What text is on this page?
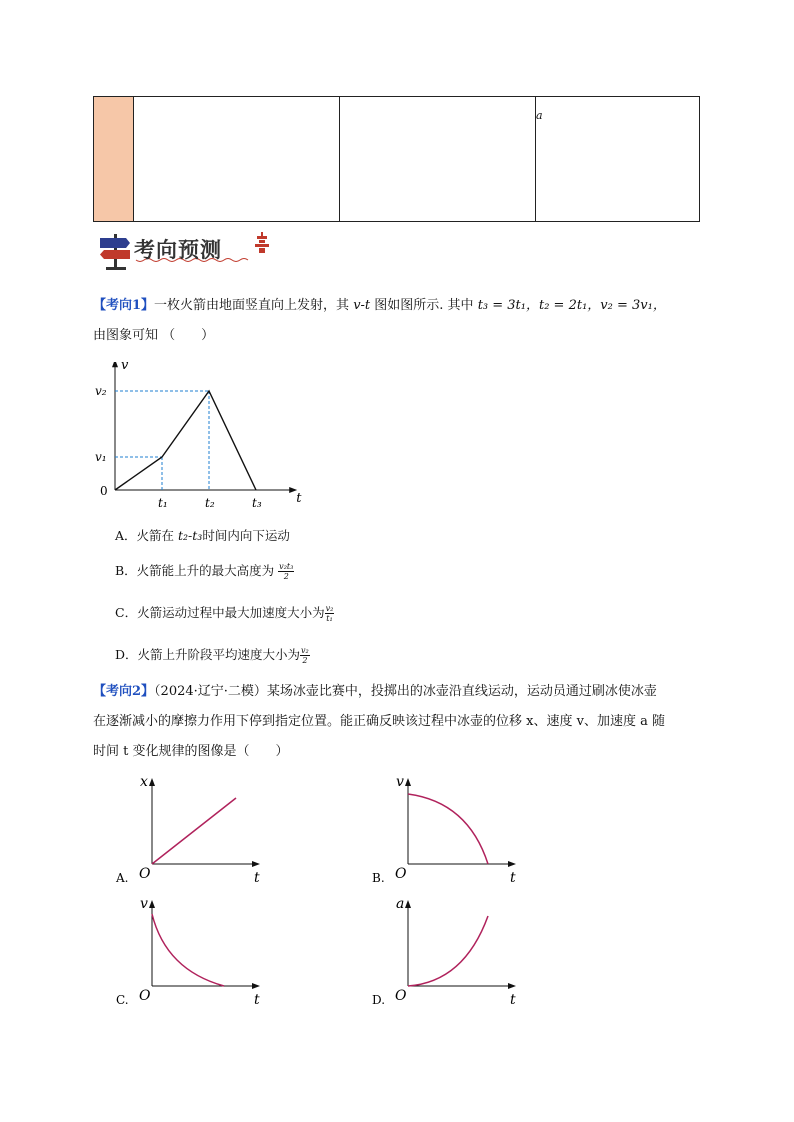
a
考向预测
【考向1】一枚火箭由地面竖直向上发射，其 v-t 图如图所示. 其中 t₃ = 3t₁，t₂ = 2t₁，v₂ = 3v₁，
由图象可知 （　　）
v
t
0
t₁	t₂	t₃
v₁
v₂
A．火箭在 t₂-t₃时间内向下运动
B．火箭能上升的最大高度为 $\frac{\text{v₂t₃}}{2}$
C．火箭运动过程中最大加速度大小为 $\frac{\text{v₂}}{\text{t₁}}$
D．火箭上升阶段平均速度大小为 $\frac{\text{v₂}}{2}$
【考向2】（2024·辽宁·二模）某场冰壶比赛中，投掷出的冰壶沿直线运动，运动员通过刷冰使冰壶
在逐渐减小的摩擦力作用下停到指定位置。能正确反映该过程中冰壶的位移 x、速度 v、加速度 a 随
时间 t 变化规律的图像是（　　）
x
t
O
A.
v
t
O
B.
v
t
O
C.
a
t
O
D.
